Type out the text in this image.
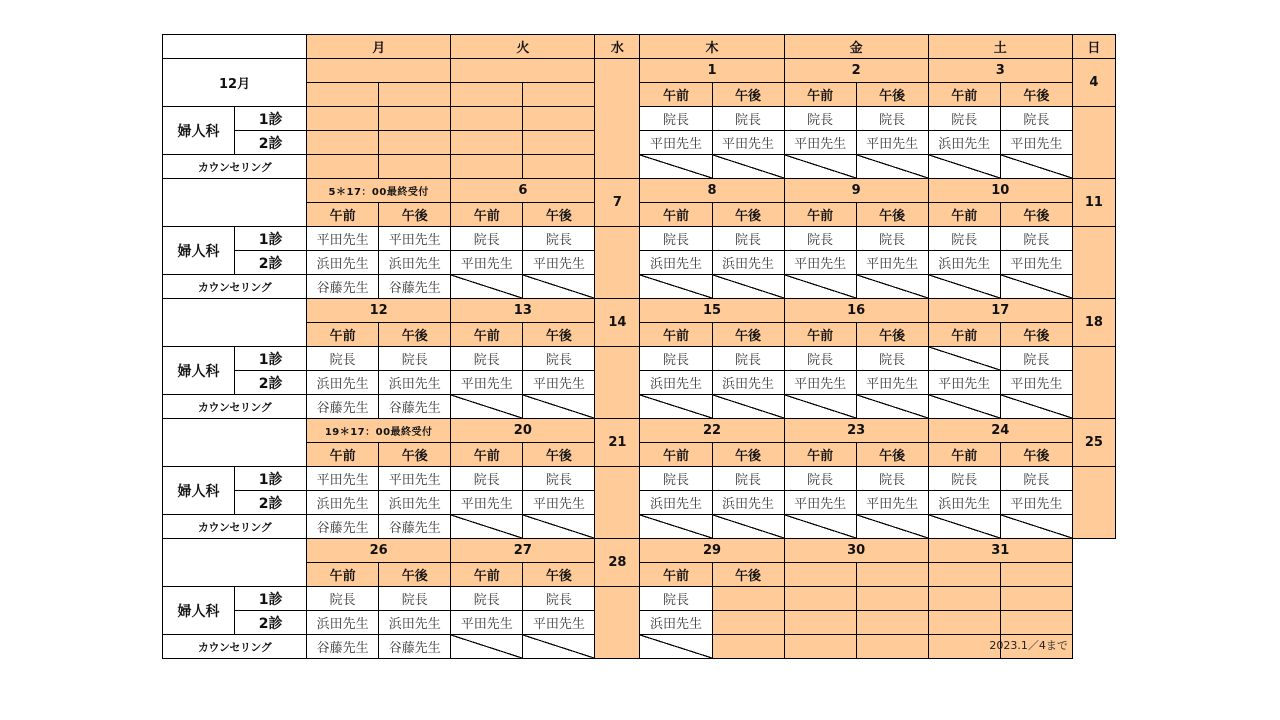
		月		火		水	木		金		土		日
12月							1		2		3		4
							午前	午後	午前	午後	午前	午後	
婦人科	1診						院長	院長	院長	院長	院長	院長	
	2診						平田先生	平田先生	平田先生	平田先生	浜田先生	平田先生	
カウンセリング													
		5＊17：00最終受付		6		7	8		9		10		11
		午前	午後	午前	午後		午前	午後	午前	午後	午前	午後	
婦人科	1診	平田先生	平田先生	院長	院長		院長	院長	院長	院長	院長	院長	
	2診	浜田先生	浜田先生	平田先生	平田先生		浜田先生	浜田先生	平田先生	平田先生	浜田先生	平田先生	
カウンセリング		谷藤先生	谷藤先生										
		12		13		14	15		16		17		18
		午前	午後	午前	午後		午前	午後	午前	午後	午前	午後	
婦人科	1診	院長	院長	院長	院長		院長	院長	院長	院長		院長	
	2診	浜田先生	浜田先生	平田先生	平田先生		浜田先生	浜田先生	平田先生	平田先生	平田先生	平田先生	
カウンセリング		谷藤先生	谷藤先生										
		19＊17：00最終受付		20		21	22		23		24		25
		午前	午後	午前	午後		午前	午後	午前	午後	午前	午後	
婦人科	1診	平田先生	平田先生	院長	院長		院長	院長	院長	院長	院長	院長	
	2診	浜田先生	浜田先生	平田先生	平田先生		浜田先生	浜田先生	平田先生	平田先生	浜田先生	平田先生	
カウンセリング		谷藤先生	谷藤先生										
		26		27		28	29		30		31		
		午前	午後	午前	午後		午前	午後					
婦人科	1診	院長	院長	院長	院長		院長						
	2診	浜田先生	浜田先生	平田先生	平田先生		浜田先生						
カウンセリング		谷藤先生	谷藤先生									2023.1／4まで	
